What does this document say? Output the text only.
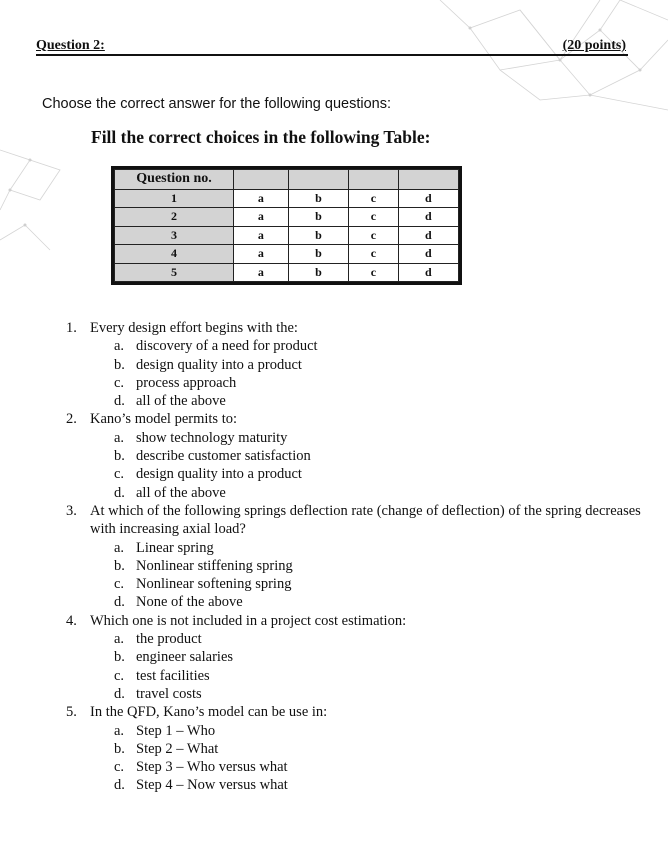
Question 2:	(20 points)
Choose the correct answer for the following questions:
Fill the correct choices in the following Table:
Question no.				
1	a	b	c	d
2	a	b	c	d
3	a	b	c	d
4	a	b	c	d
5	a	b	c	d
1. Every design effort begins with the:
a. discovery of a need for product
b. design quality into a product
c. process approach
d. all of the above
2. Kano’s model permits to:
a. show technology maturity
b. describe customer satisfaction
c. design quality into a product
d. all of the above
3. At which of the following springs deflection rate (change of deflection) of the spring decreases with increasing axial load?
a. Linear spring
b. Nonlinear stiffening spring
c. Nonlinear softening spring
d. None of the above
4. Which one is not included in a project cost estimation:
a. the product
b. engineer salaries
c. test facilities
d. travel costs
5. In the QFD, Kano’s model can be use in:
a. Step 1 – Who
b. Step 2 – What
c. Step 3 – Who versus what
d. Step 4 – Now versus what
